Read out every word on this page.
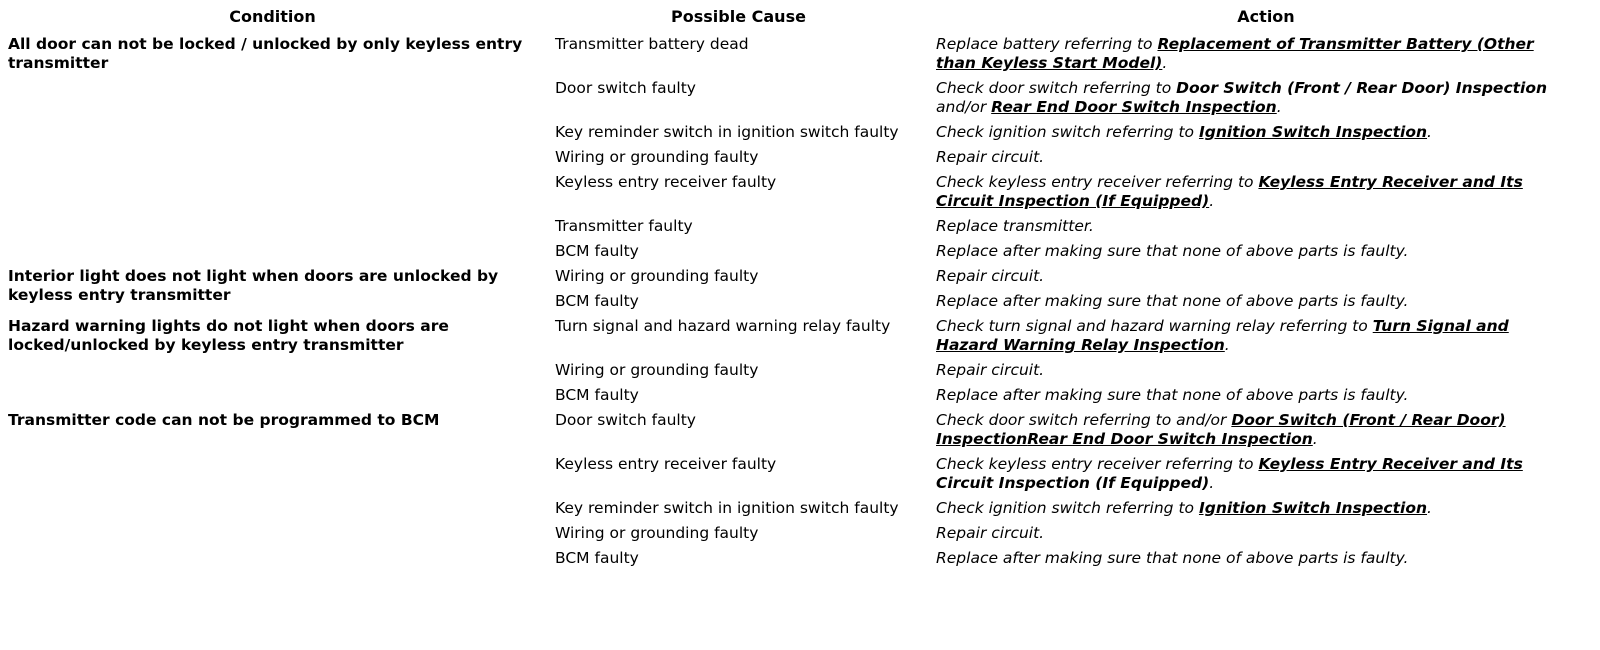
Condition	Possible Cause	Action
All door can not be locked / unlocked by only keyless entry transmitter	Transmitter battery dead	Replace battery referring to Replacement of Transmitter Battery (Other than Keyless Start Model).
	Door switch faulty	Check door switch referring to Door Switch (Front / Rear Door) Inspection and/or Rear End Door Switch Inspection.
	Key reminder switch in ignition switch faulty	Check ignition switch referring to Ignition Switch Inspection.
	Wiring or grounding faulty	Repair circuit.
	Keyless entry receiver faulty	Check keyless entry receiver referring to Keyless Entry Receiver and Its Circuit Inspection (If Equipped).
	Transmitter faulty	Replace transmitter.
	BCM faulty	Replace after making sure that none of above parts is faulty.
Interior light does not light when doors are unlocked by keyless entry transmitter	Wiring or grounding faulty	Repair circuit.
	BCM faulty	Replace after making sure that none of above parts is faulty.
Hazard warning lights do not light when doors are locked/unlocked by keyless entry transmitter	Turn signal and hazard warning relay faulty	Check turn signal and hazard warning relay referring to Turn Signal and Hazard Warning Relay Inspection.
	Wiring or grounding faulty	Repair circuit.
	BCM faulty	Replace after making sure that none of above parts is faulty.
Transmitter code can not be programmed to BCM	Door switch faulty	Check door switch referring to and/or Door Switch (Front / Rear Door) InspectionRear End Door Switch Inspection.
	Keyless entry receiver faulty	Check keyless entry receiver referring to Keyless Entry Receiver and Its Circuit Inspection (If Equipped).
	Key reminder switch in ignition switch faulty	Check ignition switch referring to Ignition Switch Inspection.
	Wiring or grounding faulty	Repair circuit.
	BCM faulty	Replace after making sure that none of above parts is faulty.
